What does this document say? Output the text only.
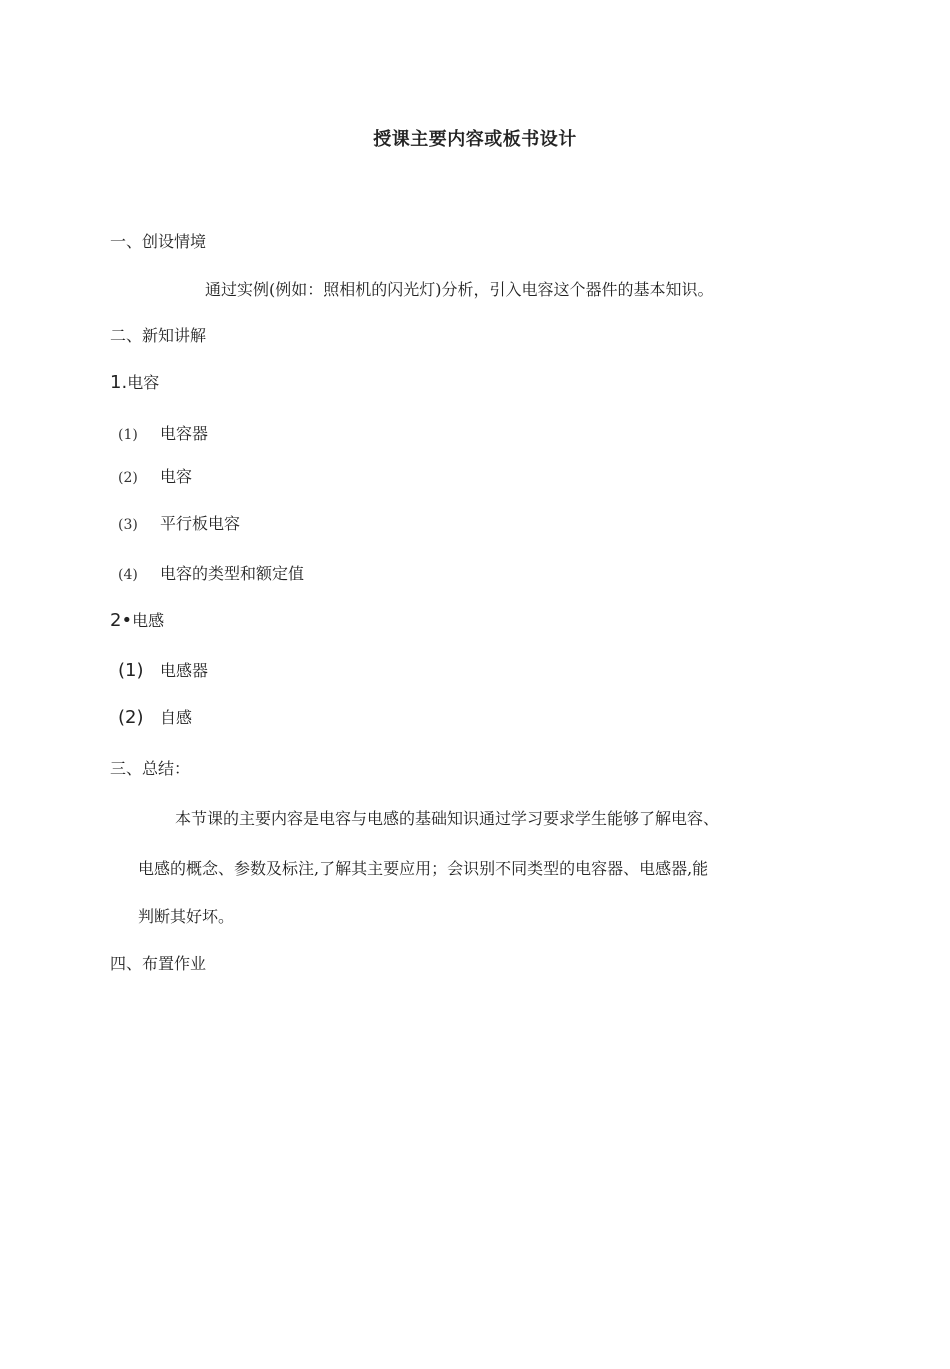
授课主要内容或板书设计
一、创设情境
通过实例(例如：照相机的闪光灯)分析，引入电容这个器件的基本知识。
二、新知讲解
1.电容
(1) 电容器
(2) 电容
(3) 平行板电容
(4) 电容的类型和额定值
2•电感
(1) 电感器
(2) 自感
三、总结：
本节课的主要内容是电容与电感的基础知识通过学习要求学生能够了解电容、
电感的概念、参数及标注,了解其主要应用；会识别不同类型的电容器、电感器,能
判断其好坏。
四、布置作业
